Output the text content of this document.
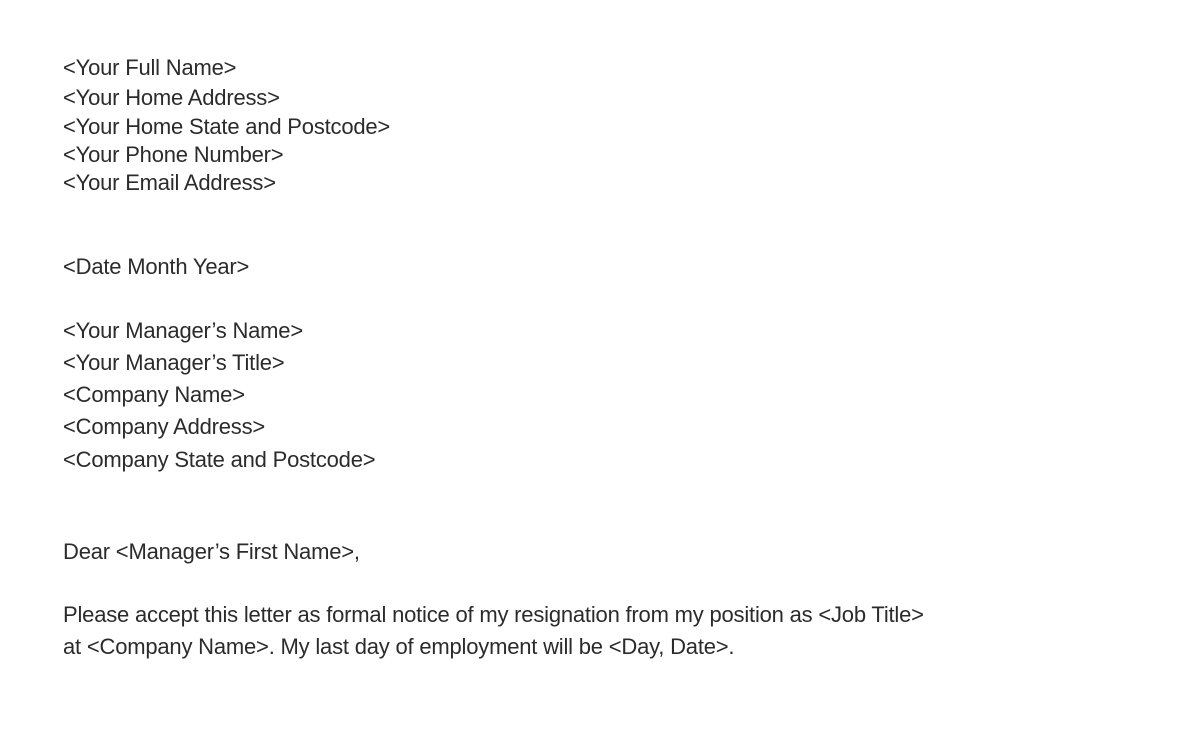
<Your Full Name>
<Your Home Address>
<Your Home State and Postcode>
<Your Phone Number>
<Your Email Address>
<Date Month Year>
<Your Manager’s Name>
<Your Manager’s Title>
<Company Name>
<Company Address>
<Company State and Postcode>
Dear <Manager’s First Name>,
Please accept this letter as formal notice of my resignation from my position as <Job Title>
at <Company Name>. My last day of employment will be <Day, Date>.
